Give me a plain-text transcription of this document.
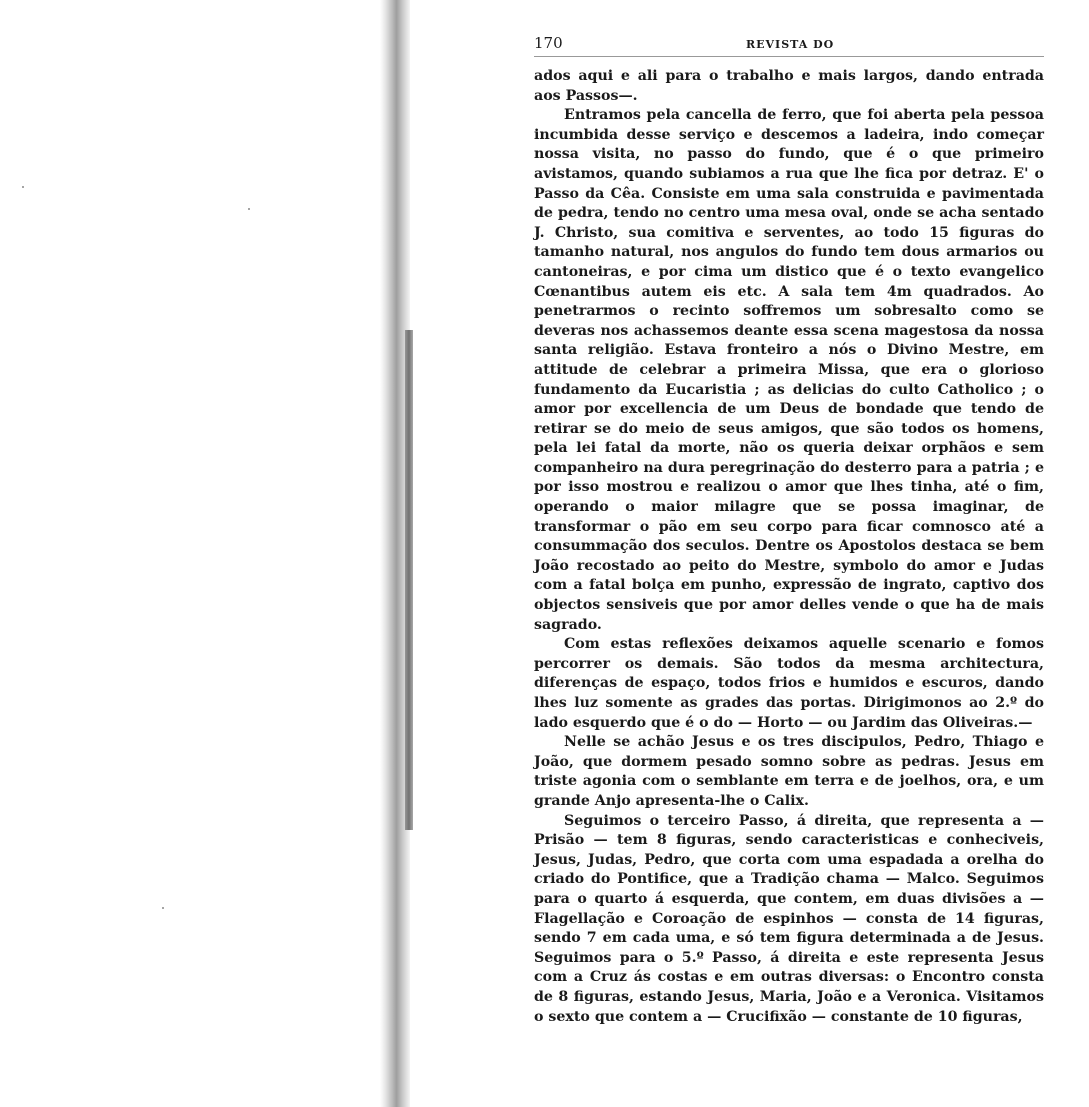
170	REVISTA DO

ados aqui e ali para o trabalho e mais largos, dando entrada aos Passos—.

Entramos pela cancella de ferro, que foi aberta pela pessoa incumbida desse serviço e descemos a ladeira, indo começar nossa visita, no passo do fundo, que é o que primeiro avistamos, quando subiamos a rua que lhe fica por detraz. E' o Passo da Cêa. Consiste em uma sala construida e pavimentada de pedra, tendo no centro uma mesa oval, onde se acha sentado J. Christo, sua comitiva e serventes, ao todo 15 figuras do tamanho natural, nos angulos do fundo tem dous armarios ou cantoneiras, e por cima um distico que é o texto evangelico Cœnantibus autem eis etc. A sala tem 4m quadrados. Ao penetrarmos o recinto soffremos um sobresalto como se deveras nos achassemos deante essa scena magestosa da nossa santa religião. Estava fronteiro a nós o Divino Mestre, em attitude de celebrar a primeira Missa, que era o glorioso fundamento da Eucaristia ; as delicias do culto Catholico ; o amor por excellencia de um Deus de bondade que tendo de retirar se do meio de seus amigos, que são todos os homens, pela lei fatal da morte, não os queria deixar orphãos e sem companheiro na dura peregrinação do desterro para a patria ; e por isso mostrou e realizou o amor que lhes tinha, até o fim, operando o maior milagre que se possa imaginar, de transformar o pão em seu corpo para ficar comnosco até a consummação dos seculos. Dentre os Apostolos destaca se bem João recostado ao peito do Mestre, symbolo do amor e Judas com a fatal bolça em punho, expressão de ingrato, captivo dos objectos sensiveis que por amor delles vende o que ha de mais sagrado.

Com estas reflexões deixamos aquelle scenario e fomos percorrer os demais. São todos da mesma architectura, diferenças de espaço, todos frios e humidos e escuros, dando lhes luz somente as grades das portas. Dirigimonos ao 2.º do lado esquerdo que é o do — Horto — ou Jardim das Oliveiras.—

Nelle se achão Jesus e os tres discipulos, Pedro, Thiago e João, que dormem pesado somno sobre as pedras. Jesus em triste agonia com o semblante em terra e de joelhos, ora, e um grande Anjo apresenta-lhe o Calix.

Seguimos o terceiro Passo, á direita, que representa a — Prisão — tem 8 figuras, sendo caracteristicas e conheciveis, Jesus, Judas, Pedro, que corta com uma espadada a orelha do criado do Pontifice, que a Tradição chama — Malco. Seguimos para o quarto á esquerda, que contem, em duas divisões a — Flagellação e Coroação de espinhos — consta de 14 figuras, sendo 7 em cada uma, e só tem figura determinada a de Jesus. Seguimos para o 5.º Passo, á direita e este representa Jesus com a Cruz ás costas e em outras diversas: o Encontro consta de 8 figuras, estando Jesus, Maria, João e a Veronica. Visitamos o sexto que contem a — Crucifixão — constante de 10 figuras,
